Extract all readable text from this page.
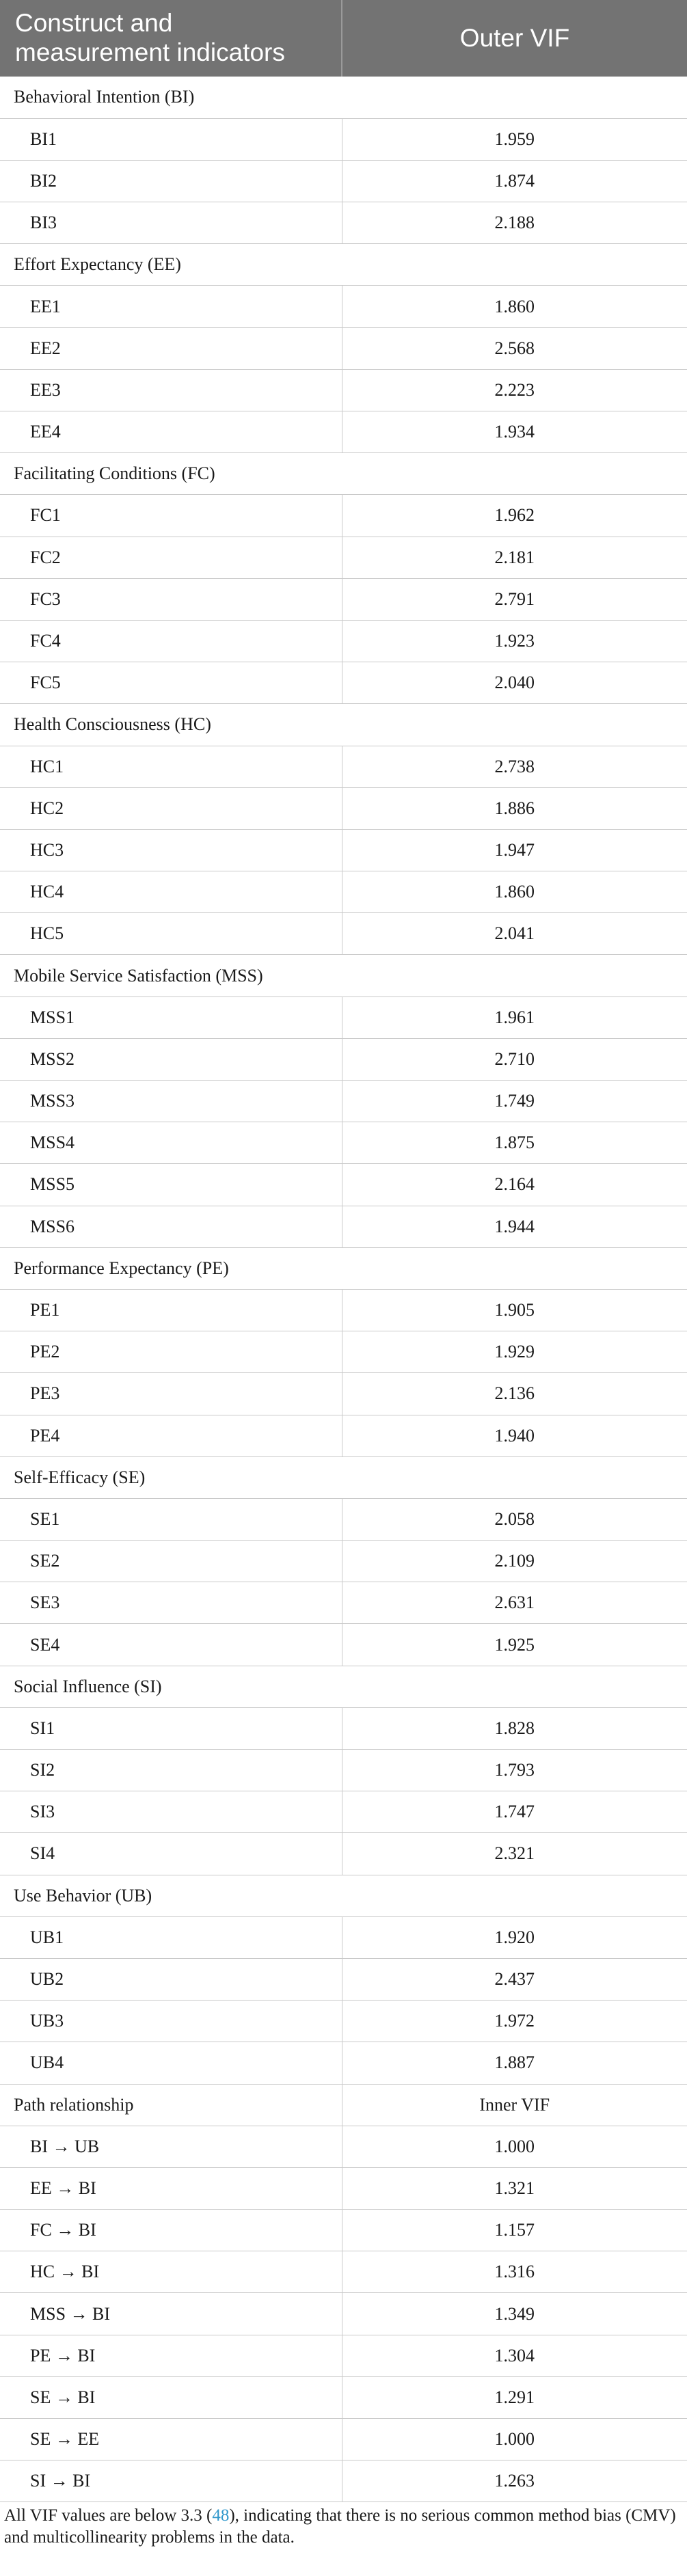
Construct and measurement indicators	Outer VIF
Behavioral Intention (BI)	
BI1	1.959
BI2	1.874
BI3	2.188
Effort Expectancy (EE)	
EE1	1.860
EE2	2.568
EE3	2.223
EE4	1.934
Facilitating Conditions (FC)	
FC1	1.962
FC2	2.181
FC3	2.791
FC4	1.923
FC5	2.040
Health Consciousness (HC)	
HC1	2.738
HC2	1.886
HC3	1.947
HC4	1.860
HC5	2.041
Mobile Service Satisfaction (MSS)	
MSS1	1.961
MSS2	2.710
MSS3	1.749
MSS4	1.875
MSS5	2.164
MSS6	1.944
Performance Expectancy (PE)	
PE1	1.905
PE2	1.929
PE3	2.136
PE4	1.940
Self-Efficacy (SE)	
SE1	2.058
SE2	2.109
SE3	2.631
SE4	1.925
Social Influence (SI)	
SI1	1.828
SI2	1.793
SI3	1.747
SI4	2.321
Use Behavior (UB)	
UB1	1.920
UB2	2.437
UB3	1.972
UB4	1.887
Path relationship	Inner VIF
BI → UB	1.000
EE → BI	1.321
FC → BI	1.157
HC → BI	1.316
MSS → BI	1.349
PE → BI	1.304
SE → BI	1.291
SE → EE	1.000
SI → BI	1.263

All VIF values are below 3.3 (48), indicating that there is no serious common method bias (CMV) and multicollinearity problems in the data.
